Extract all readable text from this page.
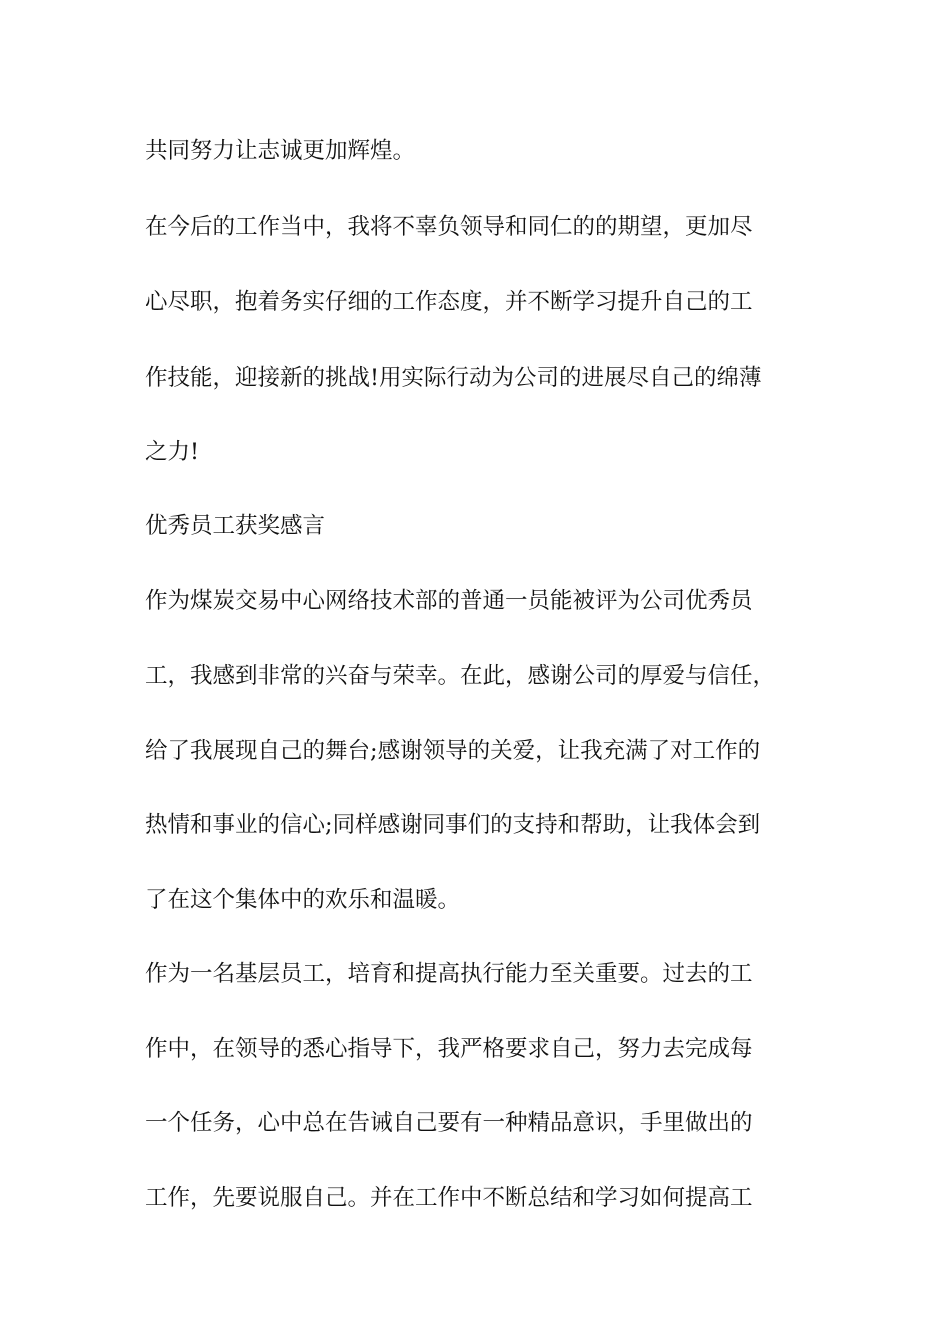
共同努力让志诚更加辉煌。

在今后的工作当中，我将不辜负领导和同仁的的期望，更加尽

心尽职，抱着务实仔细的工作态度，并不断学习提升自己的工

作技能，迎接新的挑战!用实际行动为公司的进展尽自己的绵薄

之力!

优秀员工获奖感言

作为煤炭交易中心网络技术部的普通一员能被评为公司优秀员

工，我感到非常的兴奋与荣幸。在此，感谢公司的厚爱与信任，

给了我展现自己的舞台;感谢领导的关爱，让我充满了对工作的

热情和事业的信心;同样感谢同事们的支持和帮助，让我体会到

了在这个集体中的欢乐和温暖。

作为一名基层员工，培育和提高执行能力至关重要。过去的工

作中，在领导的悉心指导下，我严格要求自己，努力去完成每

一个任务，心中总在告诫自己要有一种精品意识，手里做出的

工作，先要说服自己。并在工作中不断总结和学习如何提高工
